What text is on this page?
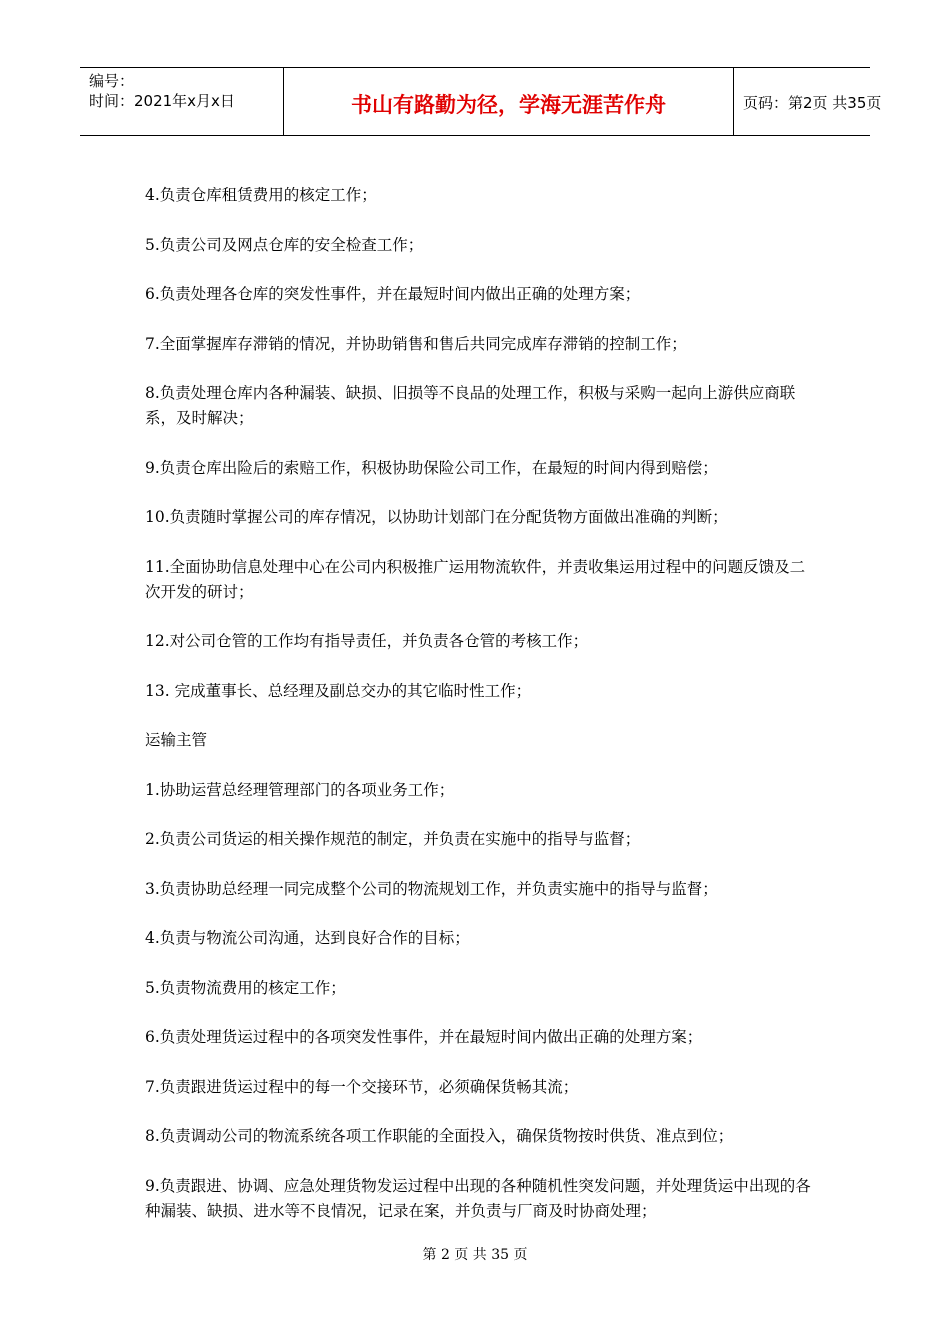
编号：
时间：2021年x月x日	书山有路勤为径，学海无涯苦作舟	页码：第2页 共35页

4.负责仓库租赁费用的核定工作；

5.负责公司及网点仓库的安全检查工作；

6.负责处理各仓库的突发性事件，并在最短时间内做出正确的处理方案；

7.全面掌握库存滞销的情况，并协助销售和售后共同完成库存滞销的控制工作；

8.负责处理仓库内各种漏装、缺损、旧损等不良品的处理工作，积极与采购一起向上游供应商联系，及时解决；

9.负责仓库出险后的索赔工作，积极协助保险公司工作，在最短的时间内得到赔偿；

10.负责随时掌握公司的库存情况，以协助计划部门在分配货物方面做出准确的判断；

11.全面协助信息处理中心在公司内积极推广运用物流软件，并责收集运用过程中的问题反馈及二次开发的研讨；

12.对公司仓管的工作均有指导责任，并负责各仓管的考核工作；

13. 完成董事长、总经理及副总交办的其它临时性工作；

运输主管

1.协助运营总经理管理部门的各项业务工作；

2.负责公司货运的相关操作规范的制定，并负责在实施中的指导与监督；

3.负责协助总经理一同完成整个公司的物流规划工作，并负责实施中的指导与监督；

4.负责与物流公司沟通，达到良好合作的目标；

5.负责物流费用的核定工作；

6.负责处理货运过程中的各项突发性事件，并在最短时间内做出正确的处理方案；

7.负责跟进货运过程中的每一个交接环节，必须确保货畅其流；

8.负责调动公司的物流系统各项工作职能的全面投入，确保货物按时供货、准点到位；

9.负责跟进、协调、应急处理货物发运过程中出现的各种随机性突发问题，并处理货运中出现的各种漏装、缺损、进水等不良情况，记录在案，并负责与厂商及时协商处理；

第 2 页 共 35 页
